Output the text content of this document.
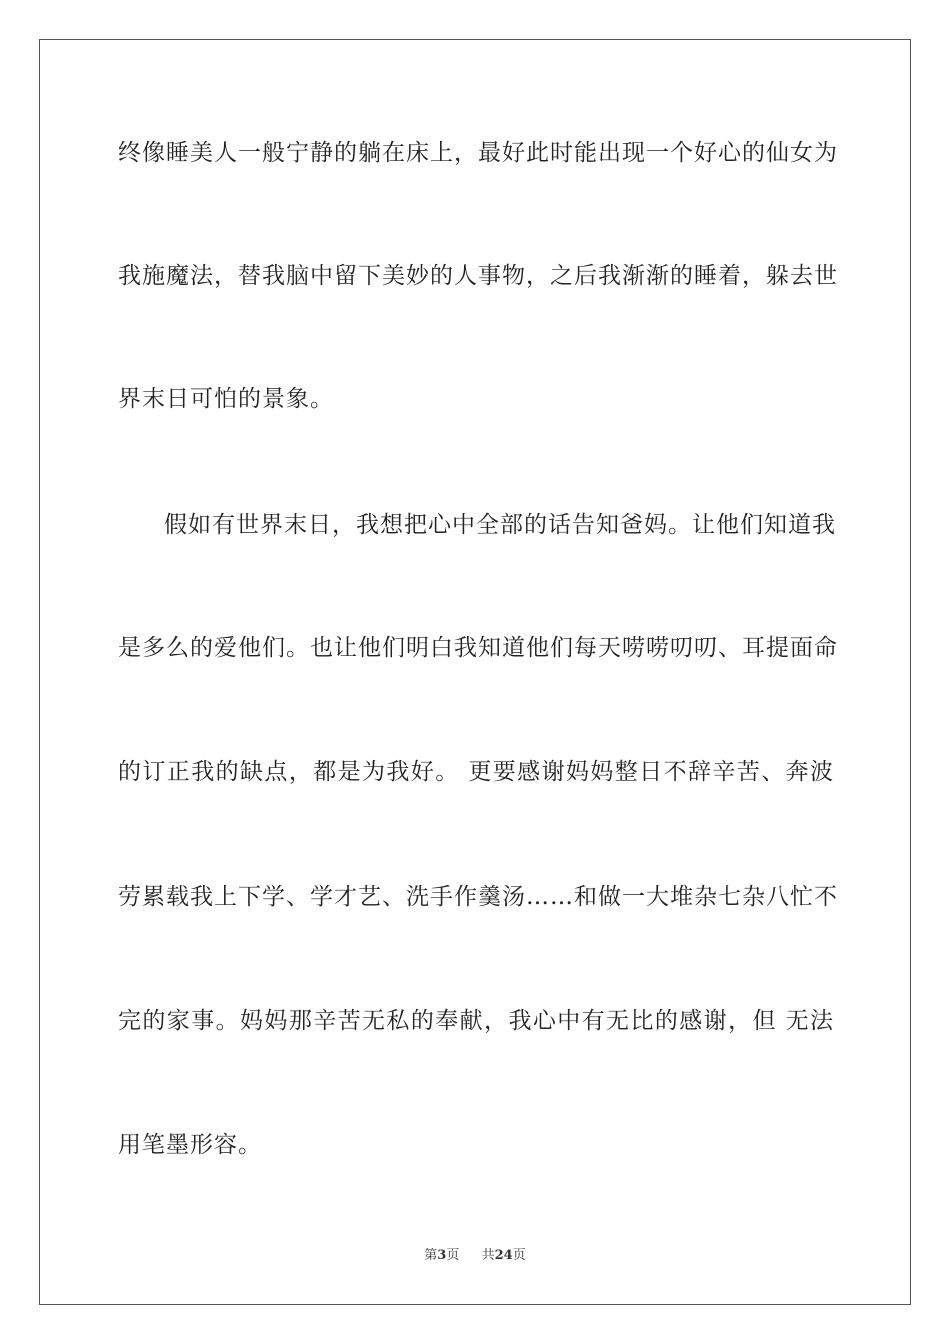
终像睡美人一般宁静的躺在床上，最好此时能出现一个好心的仙女为
我施魔法，替我脑中留下美妙的人事物，之后我渐渐的睡着，躲去世
界末日可怕的景象。
假如有世界末日，我想把心中全部的话告知爸妈。让他们知道我
是多么的爱他们。也让他们明白我知道他们每天唠唠叨叨、耳提面命
的订正我的缺点，都是为我好。 更要感谢妈妈整日不辞辛苦、奔波
劳累载我上下学、学才艺、洗手作羹汤……和做一大堆杂七杂八忙不
完的家事。妈妈那辛苦无私的奉献，我心中有无比的感谢，但 无法
用笔墨形容。
第3页 共24页
